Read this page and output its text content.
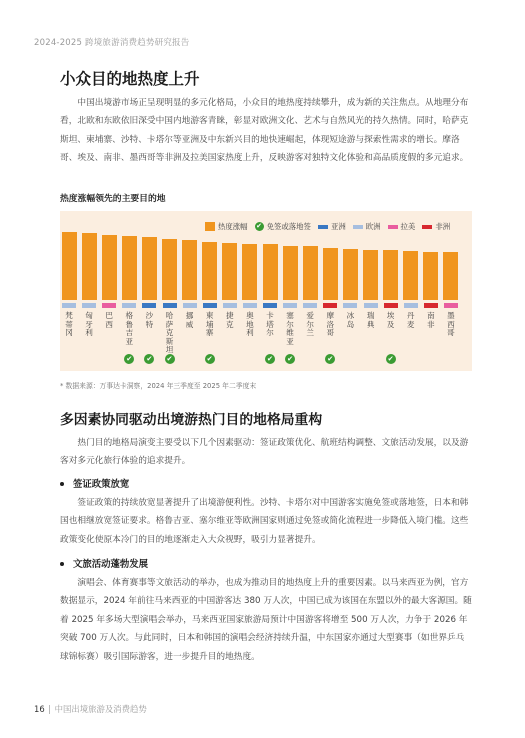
2024-2025 跨境旅游消费趋势研究报告
小众目的地热度上升
中国出境游市场正呈现明显的多元化格局，小众目的地热度持续攀升，成为新的关注焦点。从地理分布看，北欧和东欧依旧深受中国内地游客青睐，彰显对欧洲文化、艺术与自然风光的持久热情。同时，哈萨克斯坦、柬埔寨、沙特、卡塔尔等亚洲及中东新兴目的地快速崛起，体现短途游与探索性需求的增长。摩洛哥、埃及、南非、墨西哥等非洲及拉美国家热度上升，反映游客对独特文化体验和高品质度假的多元追求。
热度涨幅领先的主要目的地
热度涨幅 ✔ 免签或落地签	亚洲	欧洲	拉美	非洲
梵蒂冈
匈牙利
巴西
格鲁吉亚
沙特
哈萨克斯坦
挪威
柬埔寨
捷克
奥地利
卡塔尔
塞尔维亚
爱尔兰
摩洛哥
冰岛
瑞典
埃及
丹麦
南非
墨西哥
✔ ✔ ✔	✔	✔ ✔	✔	✔
* 数据来源：万事达卡洞察，2024 年三季度至 2025 年二季度末
多因素协同驱动出境游热门目的地格局重构
热门目的地格局演变主要受以下几个因素驱动：签证政策优化、航班结构调整、文旅活动发展，以及游客对多元化旅行体验的追求提升。
签证政策放宽
签证政策的持续放宽显著提升了出境游便利性。沙特、卡塔尔对中国游客实施免签或落地签，日本和韩国也相继放宽签证要求。格鲁吉亚、塞尔维亚等欧洲国家则通过免签或简化流程进一步降低入境门槛。这些政策变化使原本冷门的目的地逐渐走入大众视野，吸引力显著提升。
文旅活动蓬勃发展
演唱会、体育赛事等文旅活动的举办，也成为推动目的地热度上升的重要因素。以马来西亚为例，官方数据显示，2024 年前往马来西亚的中国游客达 380 万人次，中国已成为该国在东盟以外的最大客源国。随着 2025 年多场大型演唱会举办，马来西亚国家旅游局预计中国游客将增至 500 万人次，力争于 2026 年突破 700 万人次。与此同时，日本和韩国的演唱会经济持续升温，中东国家亦通过大型赛事（如世界乒乓球锦标赛）吸引国际游客，进一步提升目的地热度。
16 中国出境旅游及消费趋势
